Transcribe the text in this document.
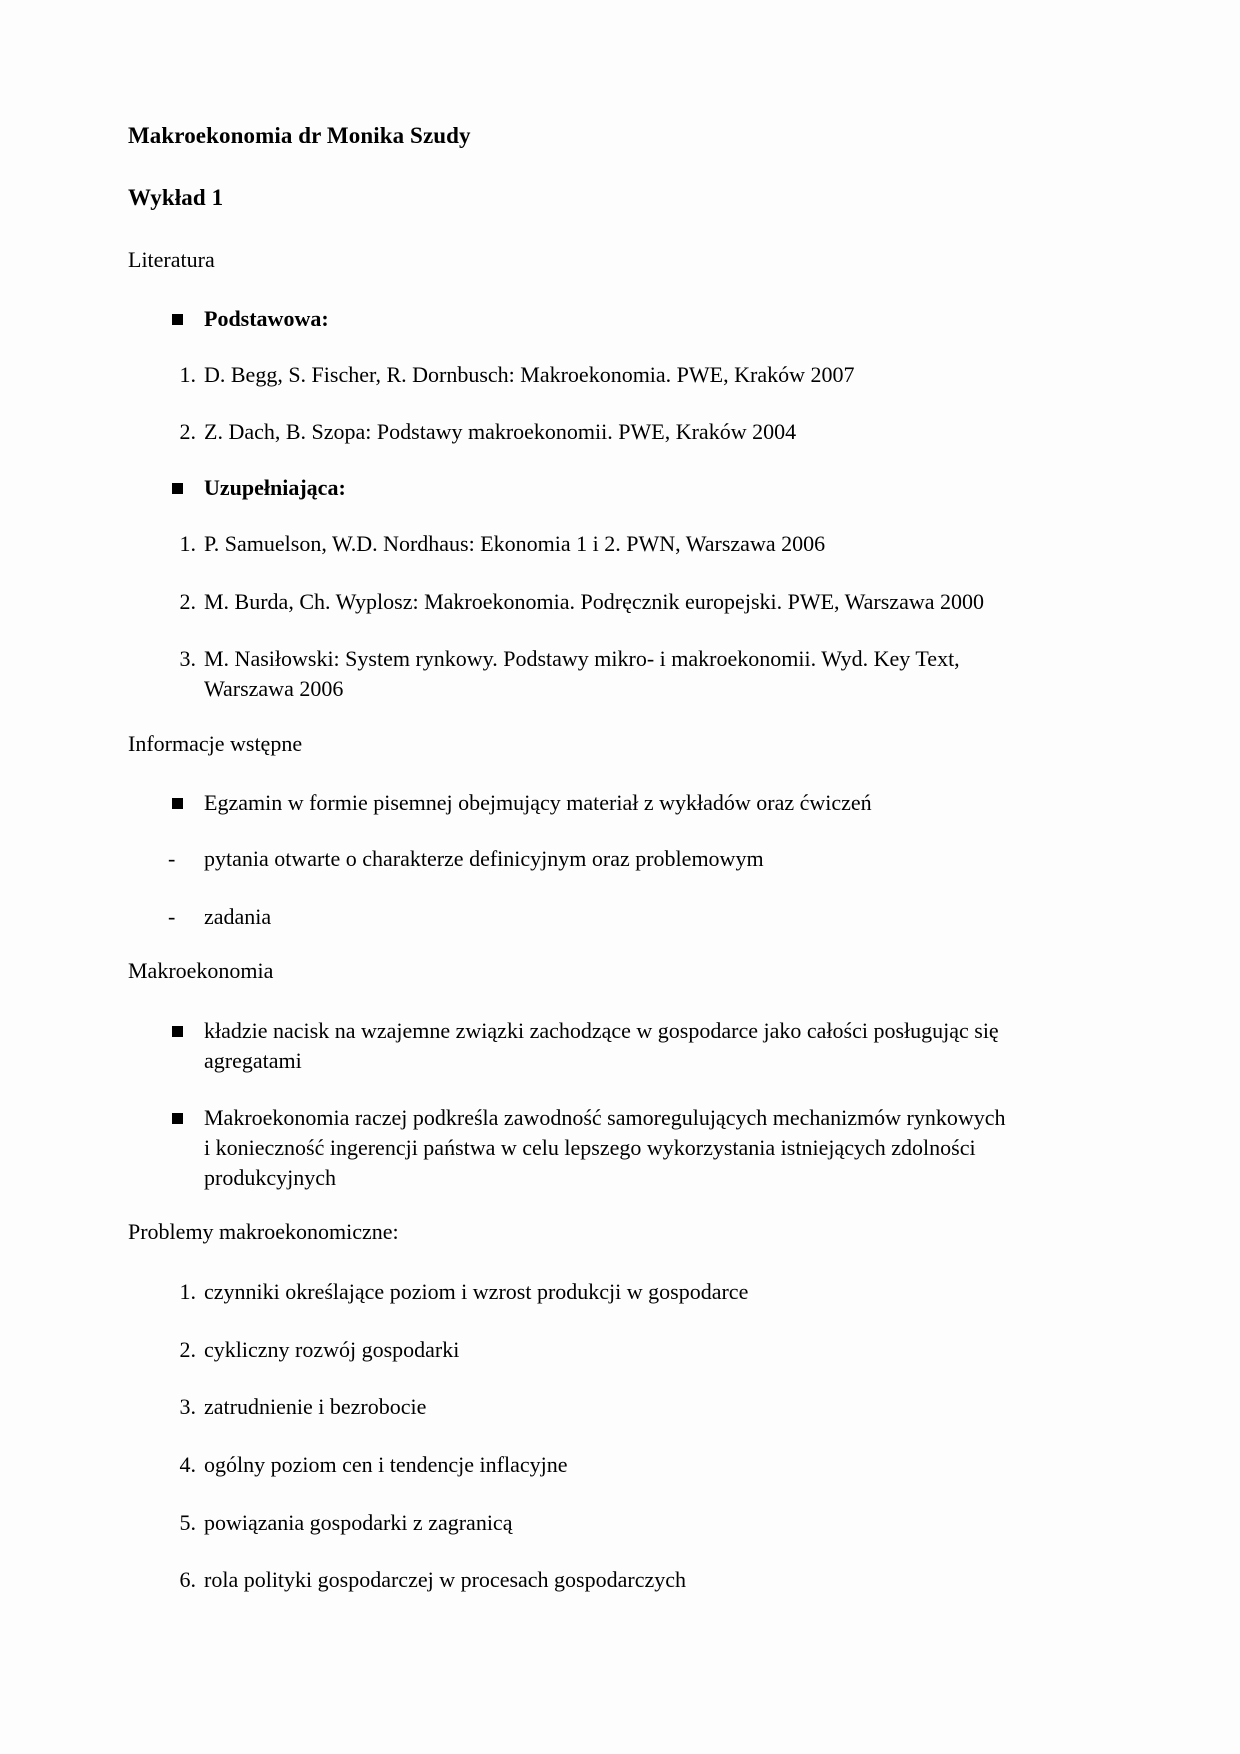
Makroekonomia dr Monika Szudy
Wykład 1
Literatura
Podstawowa:
1. D. Begg, S. Fischer, R. Dornbusch: Makroekonomia. PWE, Kraków 2007
2. Z. Dach, B. Szopa: Podstawy makroekonomii. PWE, Kraków 2004
Uzupełniająca:
1. P. Samuelson, W.D. Nordhaus: Ekonomia 1 i 2. PWN, Warszawa 2006
2. M. Burda, Ch. Wyplosz: Makroekonomia. Podręcznik europejski. PWE, Warszawa 2000
3. M. Nasiłowski: System rynkowy. Podstawy mikro- i makroekonomii. Wyd. Key Text, Warszawa 2006
Informacje wstępne
Egzamin w formie pisemnej obejmujący materiał z wykładów oraz ćwiczeń
- pytania otwarte o charakterze definicyjnym oraz problemowym
- zadania
Makroekonomia
kładzie nacisk na wzajemne związki zachodzące w gospodarce jako całości posługując się agregatami
Makroekonomia raczej podkreśla zawodność samoregulujących mechanizmów rynkowych i konieczność ingerencji państwa w celu lepszego wykorzystania istniejących zdolności produkcyjnych
Problemy makroekonomiczne:
1. czynniki określające poziom i wzrost produkcji w gospodarce
2. cykliczny rozwój gospodarki
3. zatrudnienie i bezrobocie
4. ogólny poziom cen i tendencje inflacyjne
5. powiązania gospodarki z zagranicą
6. rola polityki gospodarczej w procesach gospodarczych
